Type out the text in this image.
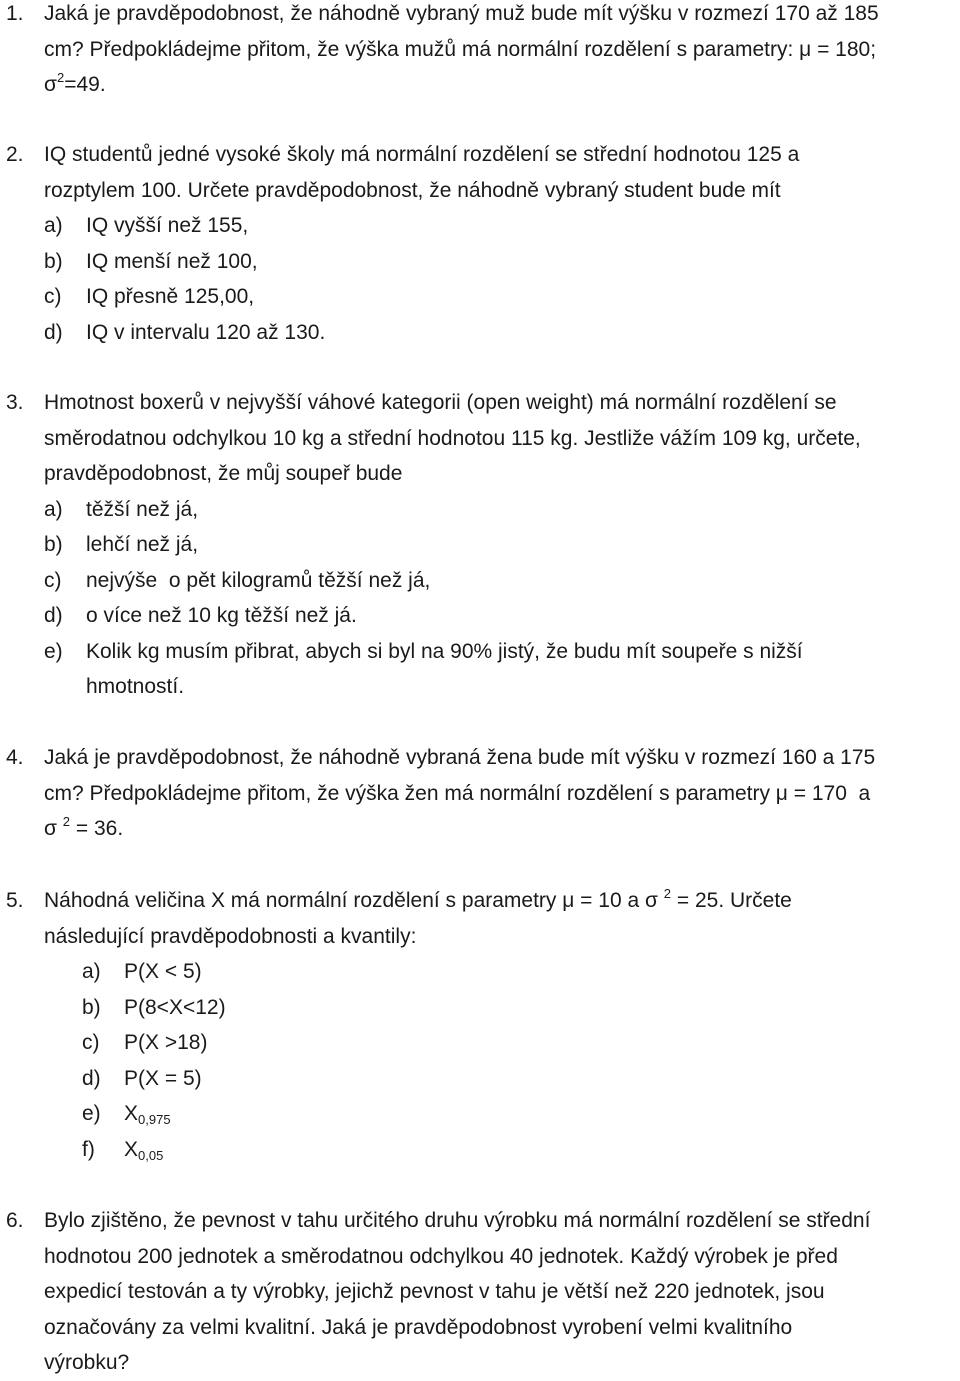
1. Jaká je pravděpodobnost, že náhodně vybraný muž bude mít výšku v rozmezí 170 až 185
cm? Předpokládejme přitom, že výška mužů má normální rozdělení s parametry: μ = 180;
$\sigma^2=49$.
2. IQ studentů jedné vysoké školy má normální rozdělení se střední hodnotou 125 a
rozptylem 100. Určete pravděpodobnost, že náhodně vybraný student bude mít
a) IQ vyšší než 155,
b) IQ menší než 100,
c) IQ přesně 125,00,
d) IQ v intervalu 120 až 130.
3. Hmotnost boxerů v nejvyšší váhové kategorii (open weight) má normální rozdělení se
směrodatnou odchylkou 10 kg a střední hodnotou 115 kg. Jestliže vážím 109 kg, určete,
pravděpodobnost, že můj soupeř bude
a) těžší než já,
b) lehčí než já,
c) nejvýše  o pět kilogramů těžší než já,
d) o více než 10 kg těžší než já.
e) Kolik kg musím přibrat, abych si byl na 90% jistý, že budu mít soupeře s nižší
hmotností.
4. Jaká je pravděpodobnost, že náhodně vybraná žena bude mít výšku v rozmezí 160 a 175
cm? Předpokládejme přitom, že výška žen má normální rozdělení s parametry μ = 170  a
σ $^2$ = 36.
5. Náhodná veličina X má normální rozdělení s parametry μ = 10 a σ $^2$ = 25. Určete
následující pravděpodobnosti a kvantily:
a) P(X < 5)
b) P(8<X<12)
c) P(X >18)
d) P(X = 5)
e) $X_{0,975}$
f) $X_{0,05}$
6. Bylo zjištěno, že pevnost v tahu určitého druhu výrobku má normální rozdělení se střední
hodnotou 200 jednotek a směrodatnou odchylkou 40 jednotek. Každý výrobek je před
expedicí testován a ty výrobky, jejichž pevnost v tahu je větší než 220 jednotek, jsou
označovány za velmi kvalitní. Jaká je pravděpodobnost vyrobení velmi kvalitního
výrobku?
